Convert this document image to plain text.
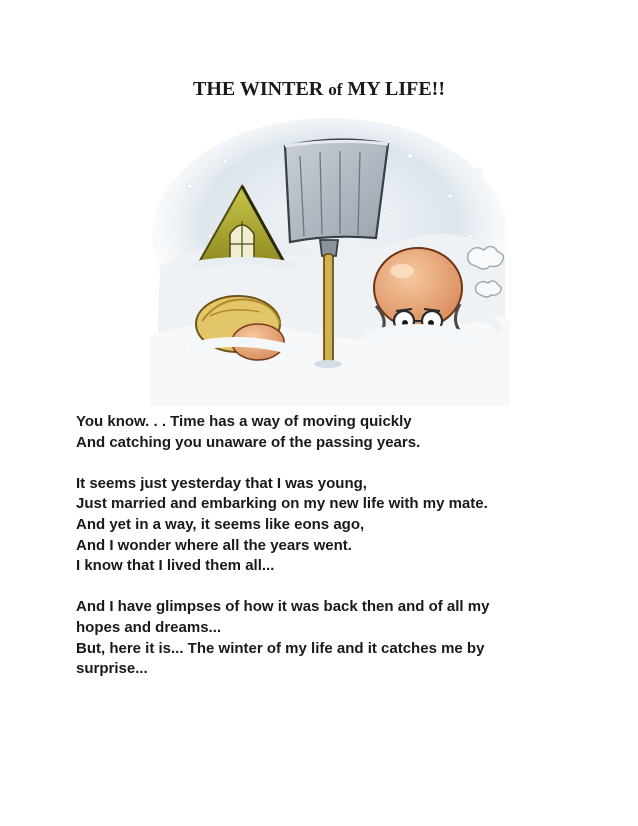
THE WINTER of MY LIFE!!
You know. . . Time has a way of moving quickly
And catching you unaware of the passing years.
It seems just yesterday that I was young,
Just married and embarking on my new life with my mate.
And yet in a way, it seems like eons ago,
And I wonder where all the years went.
I know that I lived them all...
And I have glimpses of how it was back then and of all my
hopes and dreams...
But, here it is... The winter of my life and it catches me by
surprise...
